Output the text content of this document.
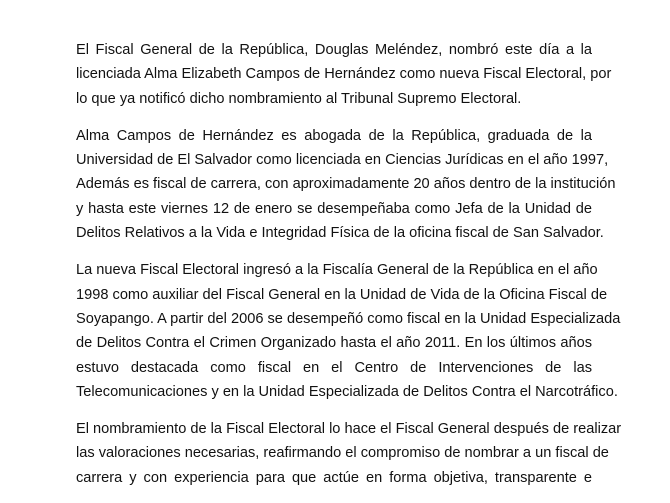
El Fiscal General de la República, Douglas Meléndez, nombró este día a la
licenciada Alma Elizabeth Campos de Hernández como nueva Fiscal Electoral, por
lo que ya notificó dicho nombramiento al Tribunal Supremo Electoral.
Alma Campos de Hernández es abogada de la República, graduada de la
Universidad de El Salvador como licenciada en Ciencias Jurídicas en el año 1997,
Además es fiscal de carrera, con aproximadamente 20 años dentro de la institución
y hasta este viernes 12 de enero se desempeñaba como Jefa de la Unidad de
Delitos Relativos a la Vida e Integridad Física de la oficina fiscal de San Salvador.
La nueva Fiscal Electoral ingresó a la Fiscalía General de la República en el año
1998 como auxiliar del Fiscal General en la Unidad de Vida de la Oficina Fiscal de
Soyapango. A partir del 2006 se desempeñó como fiscal en la Unidad Especializada
de Delitos Contra el Crimen Organizado hasta el año 2011. En los últimos años
estuvo destacada como fiscal en el Centro de Intervenciones de las
Telecomunicaciones y en la Unidad Especializada de Delitos Contra el Narcotráfico.
El nombramiento de la Fiscal Electoral lo hace el Fiscal General después de realizar
las valoraciones necesarias, reafirmando el compromiso de nombrar a un fiscal de
carrera y con experiencia para que actúe en forma objetiva, transparente e
